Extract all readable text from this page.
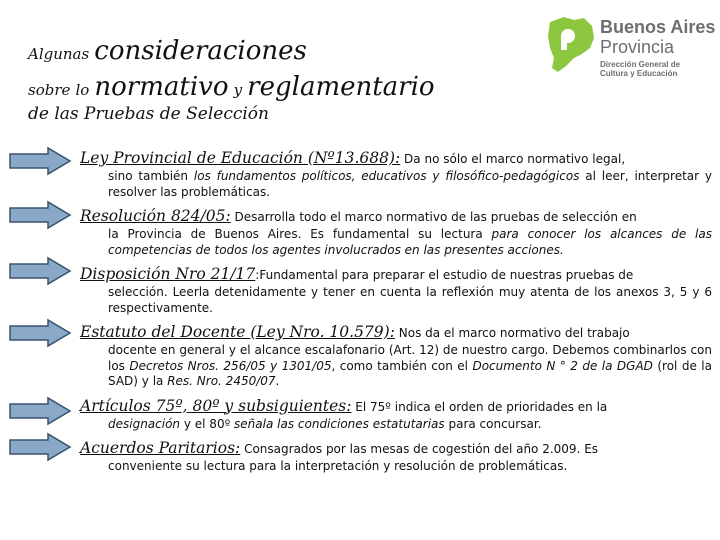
Algunas consideraciones
sobre lo normativo y reglamentario
de las Pruebas de Selección
Buenos Aires
Provincia
Dirección General de
Cultura y Educación
Ley Provincial de Educación (Nº13.688): Da no sólo el marco normativo legal,
sino también los fundamentos políticos, educativos y filosófico-pedagógicos al leer, interpretar y resolver las problemáticas.
Resolución 824/05: Desarrolla todo el marco normativo de las pruebas de selección en
la Provincia de Buenos Aires. Es fundamental su lectura para conocer los alcances de las competencias de todos los agentes involucrados en las presentes acciones.
Disposición Nro 21/17:Fundamental para preparar el estudio de nuestras pruebas de
selección. Leerla detenidamente y tener en cuenta la reflexión muy atenta de los anexos 3, 5 y 6 respectivamente.
Estatuto del Docente (Ley Nro. 10.579): Nos da el marco normativo del trabajo
docente en general y el alcance escalafonario (Art. 12) de nuestro cargo. Debemos combinarlos con los Decretos Nros. 256/05 y 1301/05, como también con el Documento N ° 2 de la DGAD (rol de la SAD) y la Res. Nro. 2450/07.
Artículos 75º, 80º y subsiguientes: El 75º indica el orden de prioridades en la
designación y el 80º señala las condiciones estatutarias para concursar.
Acuerdos Paritarios: Consagrados por las mesas de cogestión del año 2.009. Es
conveniente su lectura para la interpretación y resolución de problemáticas.
